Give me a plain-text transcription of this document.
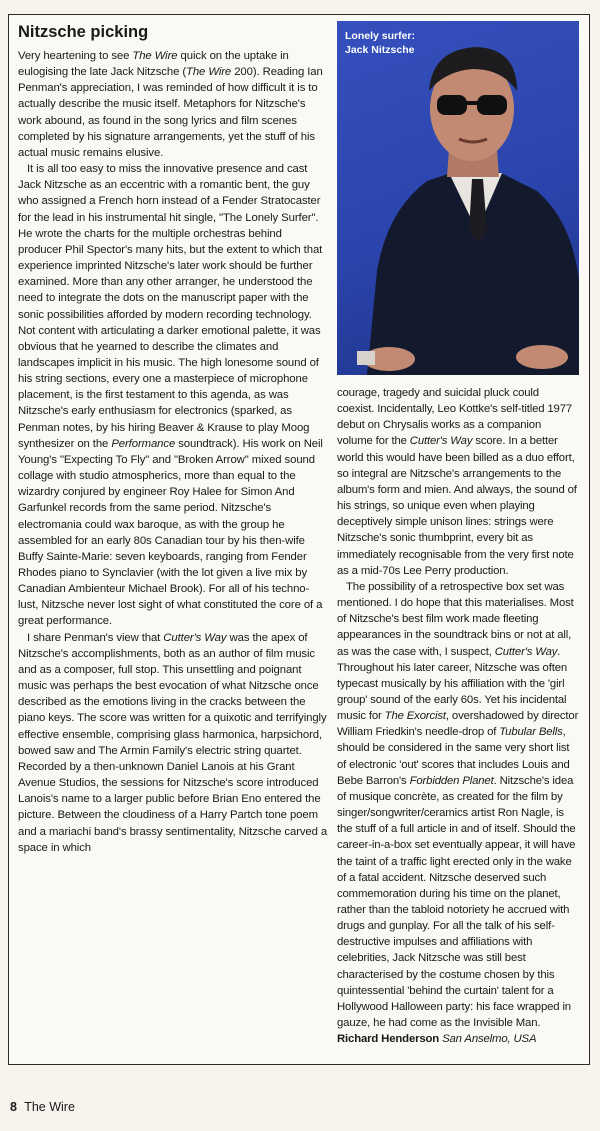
Nitzsche picking

Very heartening to see The Wire quick on the uptake in eulogising the late Jack Nitzsche (The Wire 200). Reading Ian Penman's appreciation, I was reminded of how difficult it is to actually describe the music itself. Metaphors for Nitzsche's work abound, as found in the song lyrics and film scenes completed by his signature arrangements, yet the stuff of his actual music remains elusive.

It is all too easy to miss the innovative presence and cast Jack Nitzsche as an eccentric with a romantic bent, the guy who assigned a French horn instead of a Fender Stratocaster for the lead in his instrumental hit single, "The Lonely Surfer". He wrote the charts for the multiple orchestras behind producer Phil Spector's many hits, but the extent to which that experience imprinted Nitzsche's later work should be further examined. More than any other arranger, he understood the need to integrate the dots on the manuscript paper with the sonic possibilities afforded by modern recording technology. Not content with articulating a darker emotional palette, it was obvious that he yearned to describe the climates and landscapes implicit in his music. The high lonesome sound of his string sections, every one a masterpiece of microphone placement, is the first testament to this agenda, as was Nitzsche's early enthusiasm for electronics (sparked, as Penman notes, by his hiring Beaver & Krause to play Moog synthesizer on the Performance soundtrack). His work on Neil Young's "Expecting To Fly" and "Broken Arrow" mixed sound collage with studio atmospherics, more than equal to the wizardry conjured by engineer Roy Halee for Simon And Garfunkel records from the same period. Nitzsche's electromania could wax baroque, as with the group he assembled for an early 80s Canadian tour by his then-wife Buffy Sainte-Marie: seven keyboards, ranging from Fender Rhodes piano to Synclavier (with the lot given a live mix by Canadian Ambienteur Michael Brook). For all of his techno-lust, Nitzsche never lost sight of what constituted the core of a great performance.

I share Penman's view that Cutter's Way was the apex of Nitzsche's accomplishments, both as an author of film music and as a composer, full stop. This unsettling and poignant music was perhaps the best evocation of what Nitzsche once described as the emotions living in the cracks between the piano keys. The score was written for a quixotic and terrifyingly effective ensemble, comprising glass harmonica, harpsichord, bowed saw and The Armin Family's electric string quartet. Recorded by a then-unknown Daniel Lanois at his Grant Avenue Studios, the sessions for Nitzsche's score introduced Lanois's name to a larger public before Brian Eno entered the picture. Between the cloudiness of a Harry Partch tone poem and a mariachi band's brassy sentimentality, Nitzsche carved a space in which

Lonely surfer:
Jack Nitzsche

courage, tragedy and suicidal pluck could coexist. Incidentally, Leo Kottke's self-titled 1977 debut on Chrysalis works as a companion volume for the Cutter's Way score. In a better world this would have been billed as a duo effort, so integral are Nitzsche's arrangements to the album's form and mien. And always, the sound of his strings, so unique even when playing deceptively simple unison lines: strings were Nitzsche's sonic thumbprint, every bit as immediately recognisable from the very first note as a mid-70s Lee Perry production.

The possibility of a retrospective box set was mentioned. I do hope that this materialises. Most of Nitzsche's best film work made fleeting appearances in the soundtrack bins or not at all, as was the case with, I suspect, Cutter's Way. Throughout his later career, Nitzsche was often typecast musically by his affiliation with the 'girl group' sound of the early 60s. Yet his incidental music for The Exorcist, overshadowed by director William Friedkin's needle-drop of Tubular Bells, should be considered in the same very short list of electronic 'out' scores that includes Louis and Bebe Barron's Forbidden Planet. Nitzsche's idea of musique concrète, as created for the film by singer/songwriter/ceramics artist Ron Nagle, is the stuff of a full article in and of itself. Should the career-in-a-box set eventually appear, it will have the taint of a traffic light erected only in the wake of a fatal accident. Nitzsche deserved such commemoration during his time on the planet, rather than the tabloid notoriety he accrued with drugs and gunplay. For all the talk of his self-destructive impulses and affiliations with celebrities, Jack Nitzsche was still best characterised by the costume chosen by this quintessential 'behind the curtain' talent for a Hollywood Halloween party: his face wrapped in gauze, he had come as the Invisible Man.

Richard Henderson San Anselmo, USA
8 The Wire
